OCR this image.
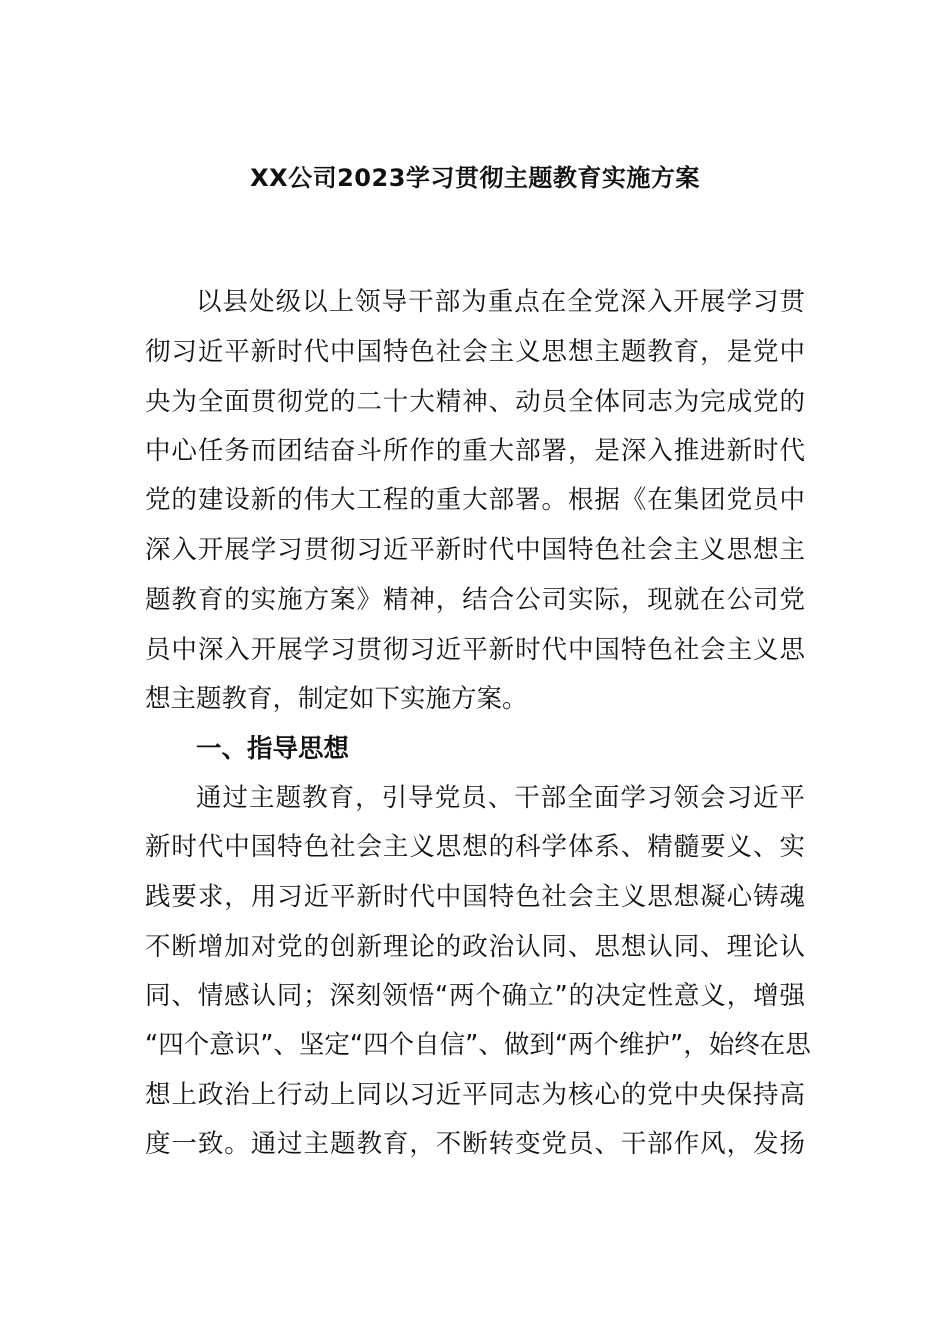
XX公司2023学习贯彻主题教育实施方案
以县处级以上领导干部为重点在全党深入开展学习贯
彻习近平新时代中国特色社会主义思想主题教育，是党中
央为全面贯彻党的二十大精神、动员全体同志为完成党的
中心任务而团结奋斗所作的重大部署，是深入推进新时代
党的建设新的伟大工程的重大部署。根据《在集团党员中
深入开展学习贯彻习近平新时代中国特色社会主义思想主
题教育的实施方案》精神，结合公司实际，现就在公司党
员中深入开展学习贯彻习近平新时代中国特色社会主义思
想主题教育，制定如下实施方案。
一、指导思想
通过主题教育，引导党员、干部全面学习领会习近平
新时代中国特色社会主义思想的科学体系、精髓要义、实
践要求，用习近平新时代中国特色社会主义思想凝心铸魂
不断增加对党的创新理论的政治认同、思想认同、理论认
同、情感认同；深刻领悟“两个确立”的决定性意义，增强
“四个意识”、坚定“四个自信”、做到“两个维护”，始终在思
想上政治上行动上同以习近平同志为核心的党中央保持高
度一致。通过主题教育，不断转变党员、干部作风，发扬
